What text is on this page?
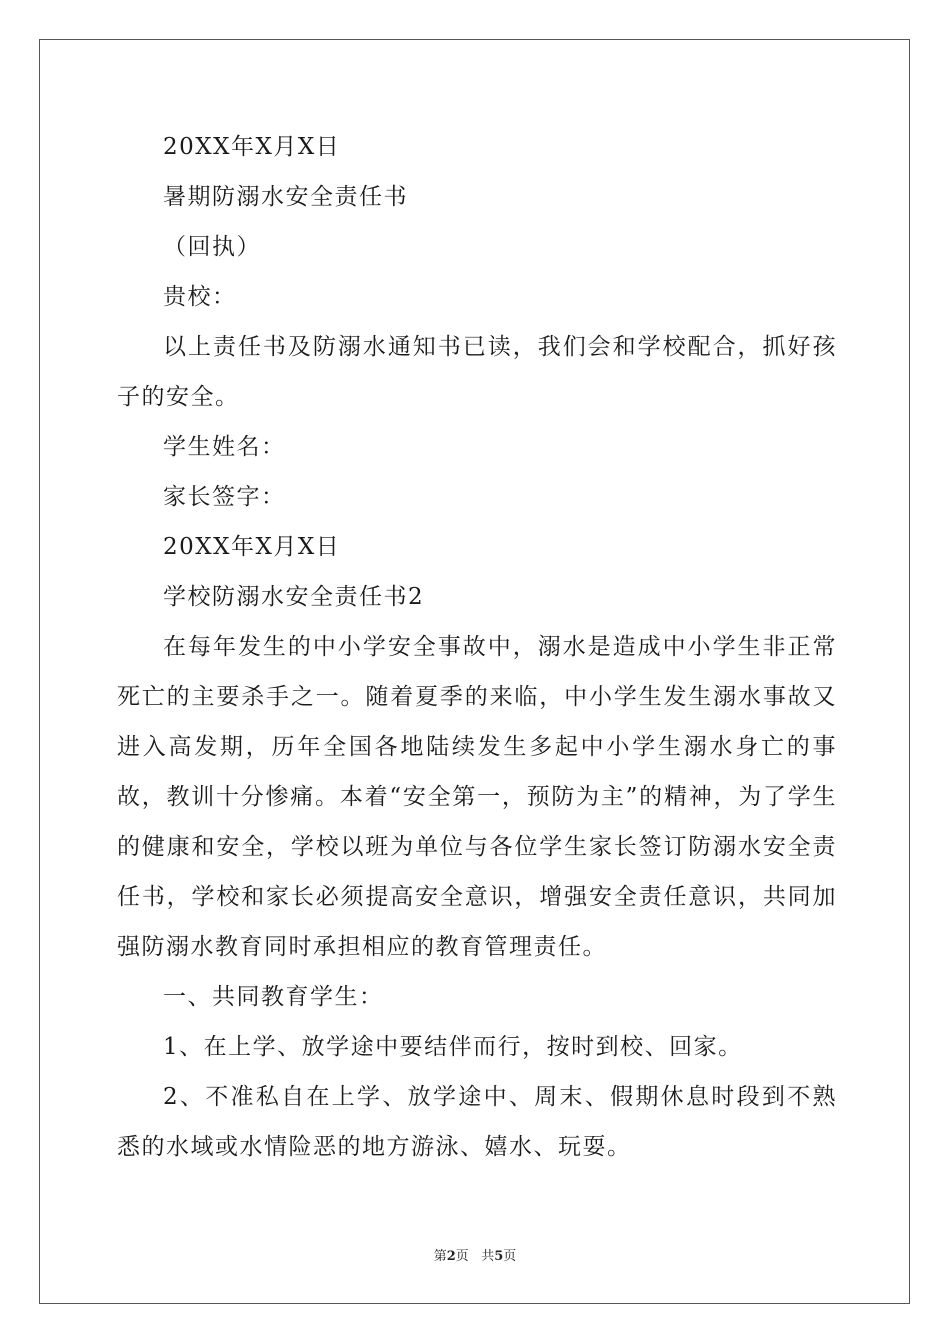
20XX年X月X日
暑期防溺水安全责任书
（回执）
贵校：
以上责任书及防溺水通知书已读，我们会和学校配合，抓好孩子的安全。
学生姓名：
家长签字：
20XX年X月X日
学校防溺水安全责任书2
在每年发生的中小学安全事故中，溺水是造成中小学生非正常死亡的主要杀手之一。随着夏季的来临，中小学生发生溺水事故又进入高发期，历年全国各地陆续发生多起中小学生溺水身亡的事故，教训十分惨痛。本着“安全第一，预防为主”的精神，为了学生的健康和安全，学校以班为单位与各位学生家长签订防溺水安全责任书，学校和家长必须提高安全意识，增强安全责任意识，共同加强防溺水教育同时承担相应的教育管理责任。
一、共同教育学生：
1、在上学、放学途中要结伴而行，按时到校、回家。
2、不准私自在上学、放学途中、周末、假期休息时段到不熟悉的水域或水情险恶的地方游泳、嬉水、玩耍。
第2页   共5页
